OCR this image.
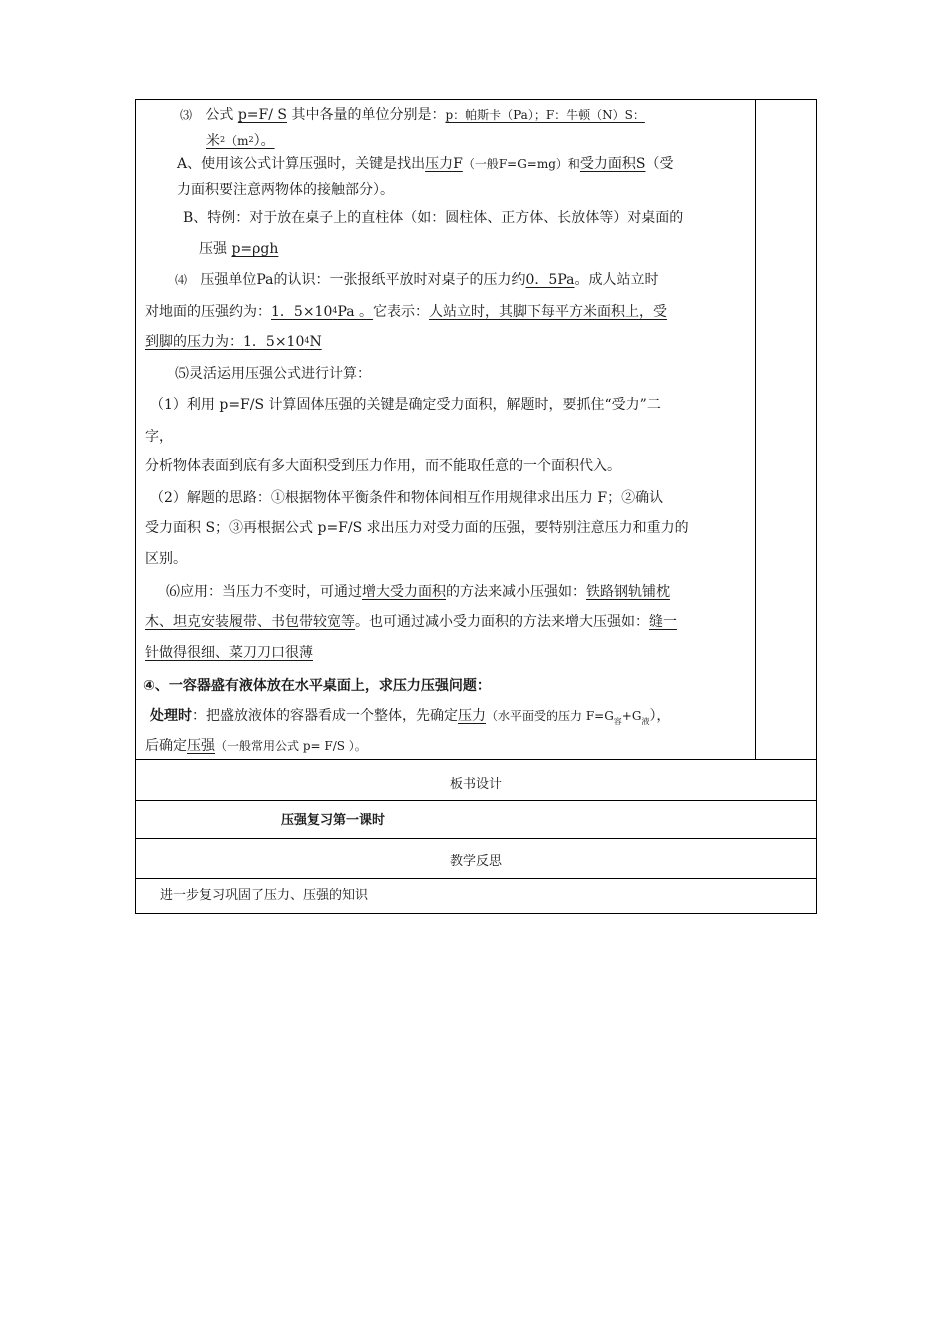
⑶ 公式 p=F/ S 其中各量的单位分别是：p：帕斯卡（Pa）；F：牛顿（N）S：
米$^2(m^2)$。
A、使用该公式计算压强时，关键是找出压力F（一般F=G=mg）和受力面积S（受
力面积要注意两物体的接触部分）。
B、特例：对于放在桌子上的直柱体（如：圆柱体、正方体、长放体等）对桌面的
压强 p=ρgh
⑷ 压强单位Pa的认识：一张报纸平放时对桌子的压力约0．5Pa。成人站立时
对地面的压强约为：1．$5\times 10^4Pa$ 。它表示：人站立时，其脚下每平方米面积上，受
到脚的压力为：1．$5\times 10^4N$
⑸灵活运用压强公式进行计算：
（1）利用 p=F/S 计算固体压强的关键是确定受力面积，解题时，要抓住“受力”二
字，
分析物体表面到底有多大面积受到压力作用，而不能取任意的一个面积代入。
（2）解题的思路：①根据物体平衡条件和物体间相互作用规律求出压力 F；②确认
受力面积 S；③再根据公式 p=F/S 求出压力对受力面的压强，要特别注意压力和重力的
区别。
⑹应用：当压力不变时，可通过增大受力面积的方法来减小压强如：铁路钢轨铺枕
木、坦克安装履带、书包带较宽等。也可通过减小受力面积的方法来增大压强如：缝一
针做得很细、菜刀刀口很薄
④、一容器盛有液体放在水平桌面上，求压力压强问题：
处理时：把盛放液体的容器看成一个整体，先确定压力（水平面受的压力 $F=G_容+G_液$），
后确定压强（一般常用公式 p= F/S ）。
板书设计
压强复习第一课时
教学反思
进一步复习巩固了压力、压强的知识
